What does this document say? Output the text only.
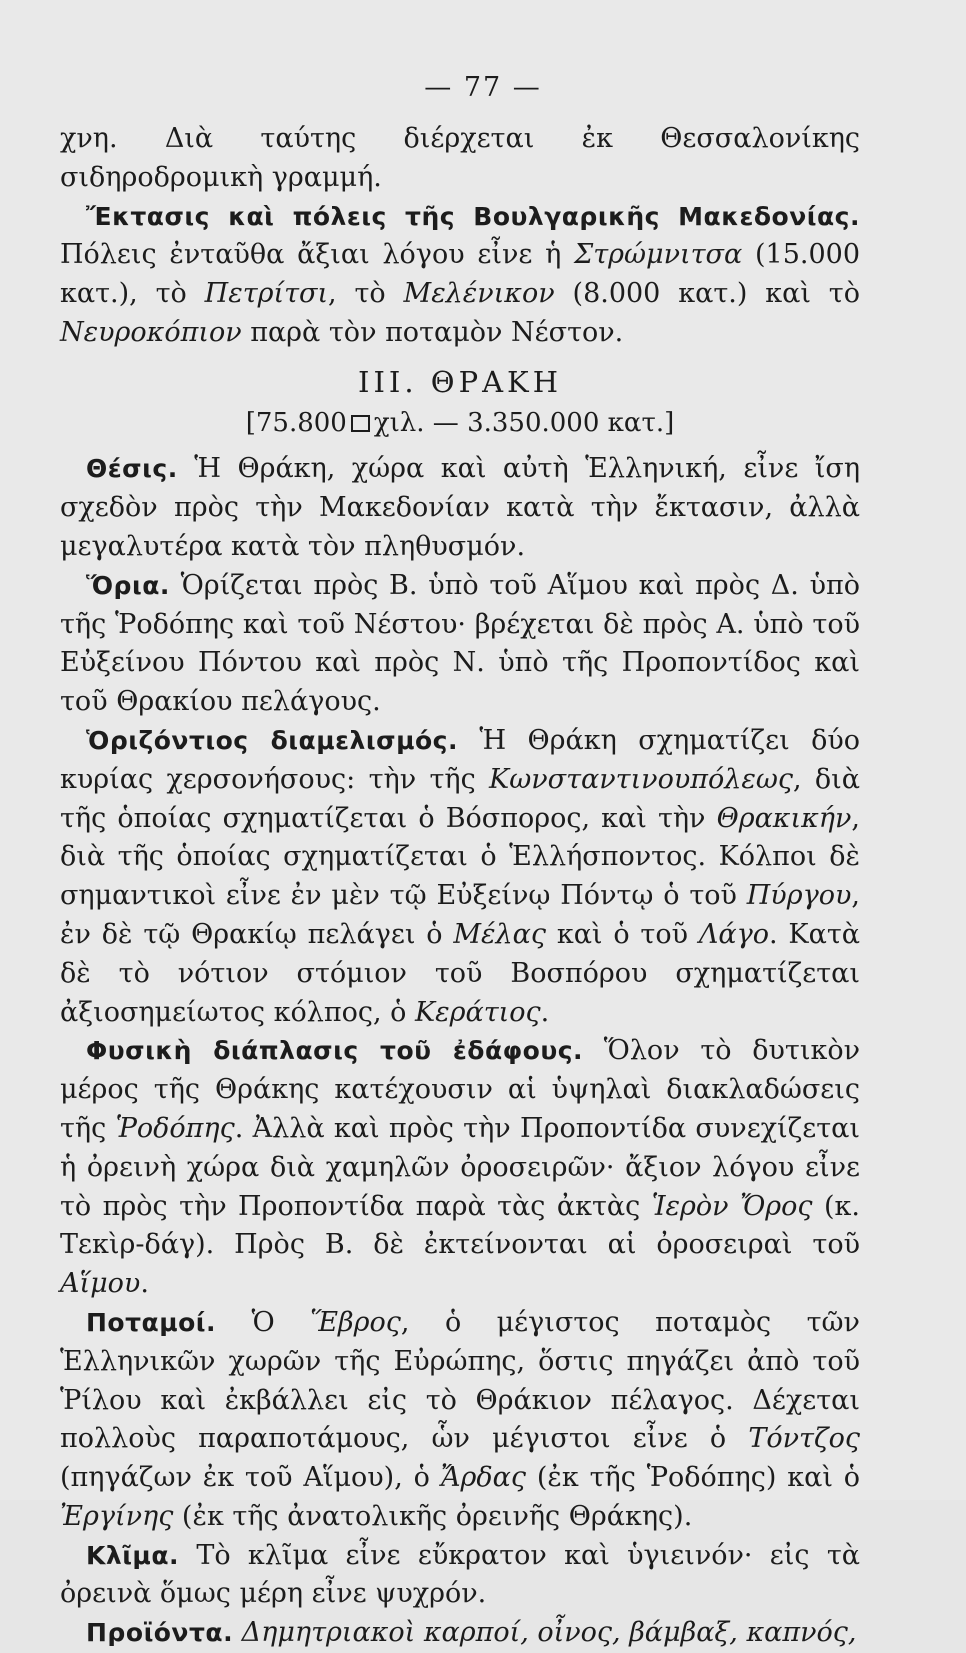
— 77 —

χνη. Διὰ ταύτης διέρχεται ἐκ Θεσσαλονίκης σιδηροδρομικὴ γραμμή.

Ἔκτασις καὶ πόλεις τῆς Βουλγαρικῆς Μακεδονίας. Πόλεις ἐνταῦθα ἄξιαι λόγου εἶνε ἡ Στρώμνιτσα (15.000 κατ.), τὸ Πετρίτσι, τὸ Μελένικον (8.000 κατ.) καὶ τὸ Νευροκόπιον παρὰ τὸν ποταμὸν Νέστον.

ΙΙΙ. ΘΡΑΚΗ
[75.800 χιλ. — 3.350.000 κατ.]

Θέσις. Ἡ Θράκη, χώρα καὶ αὐτὴ Ἑλληνική, εἶνε ἴση σχεδὸν πρὸς τὴν Μακεδονίαν κατὰ τὴν ἔκτασιν, ἀλλὰ μεγαλυτέρα κατὰ τὸν πληθυσμόν.

Ὅρια. Ὁρίζεται πρὸς Β. ὑπὸ τοῦ Αἵμου καὶ πρὸς Δ. ὑπὸ τῆς Ῥοδόπης καὶ τοῦ Νέστου· βρέχεται δὲ πρὸς Α. ὑπὸ τοῦ Εὐξείνου Πόντου καὶ πρὸς Ν. ὑπὸ τῆς Προποντίδος καὶ τοῦ Θρακίου πελάγους.

Ὁριζόντιος διαμελισμός. Ἡ Θράκη σχηματίζει δύο κυρίας χερσονήσους: τὴν τῆς Κωνσταντινουπόλεως, διὰ τῆς ὁποίας σχηματίζεται ὁ Βόσπορος, καὶ τὴν Θρακικήν, διὰ τῆς ὁποίας σχηματίζεται ὁ Ἑλλήσποντος. Κόλποι δὲ σημαντικοὶ εἶνε ἐν μὲν τῷ Εὐξείνῳ Πόντῳ ὁ τοῦ Πύργου, ἐν δὲ τῷ Θρακίῳ πελάγει ὁ Μέλας καὶ ὁ τοῦ Λάγο. Κατὰ δὲ τὸ νότιον στόμιον τοῦ Βοσπόρου σχηματίζεται ἀξιοσημείωτος κόλπος, ὁ Κεράτιος.

Φυσικὴ διάπλασις τοῦ ἐδάφους. Ὅλον τὸ δυτικὸν μέρος τῆς Θράκης κατέχουσιν αἱ ὑψηλαὶ διακλαδώσεις τῆς Ῥοδόπης. Ἀλλὰ καὶ πρὸς τὴν Προποντίδα συνεχίζεται ἡ ὀρεινὴ χώρα διὰ χαμηλῶν ὀροσειρῶν· ἄξιον λόγου εἶνε τὸ πρὸς τὴν Προποντίδα παρὰ τὰς ἀκτὰς Ἱερὸν Ὄρος (κ. Τεκὶρ-δάγ). Πρὸς Β. δὲ ἐκτείνονται αἱ ὀροσειραὶ τοῦ Αἵμου.

Ποταμοί. Ὁ Ἕβρος, ὁ μέγιστος ποταμὸς τῶν Ἑλληνικῶν χωρῶν τῆς Εὐρώπης, ὅστις πηγάζει ἀπὸ τοῦ Ῥίλου καὶ ἐκβάλλει εἰς τὸ Θράκιον πέλαγος. Δέχεται πολλοὺς παραποτάμους, ὧν μέγιστοι εἶνε ὁ Τόντζος (πηγάζων ἐκ τοῦ Αἵμου), ὁ Ἄρδας (ἐκ τῆς Ῥοδόπης) καὶ ὁ Ἐργίνης (ἐκ τῆς ἀνατολικῆς ὀρεινῆς Θράκης).

Κλῖμα. Τὸ κλῖμα εἶνε εὔκρατον καὶ ὑγιεινόν· εἰς τὰ ὀρεινὰ ὅμως μέρη εἶνε ψυχρόν.

Προϊόντα. Δημητριακοὶ καρποί, οἶνος, βάμβαξ, καπνός,
